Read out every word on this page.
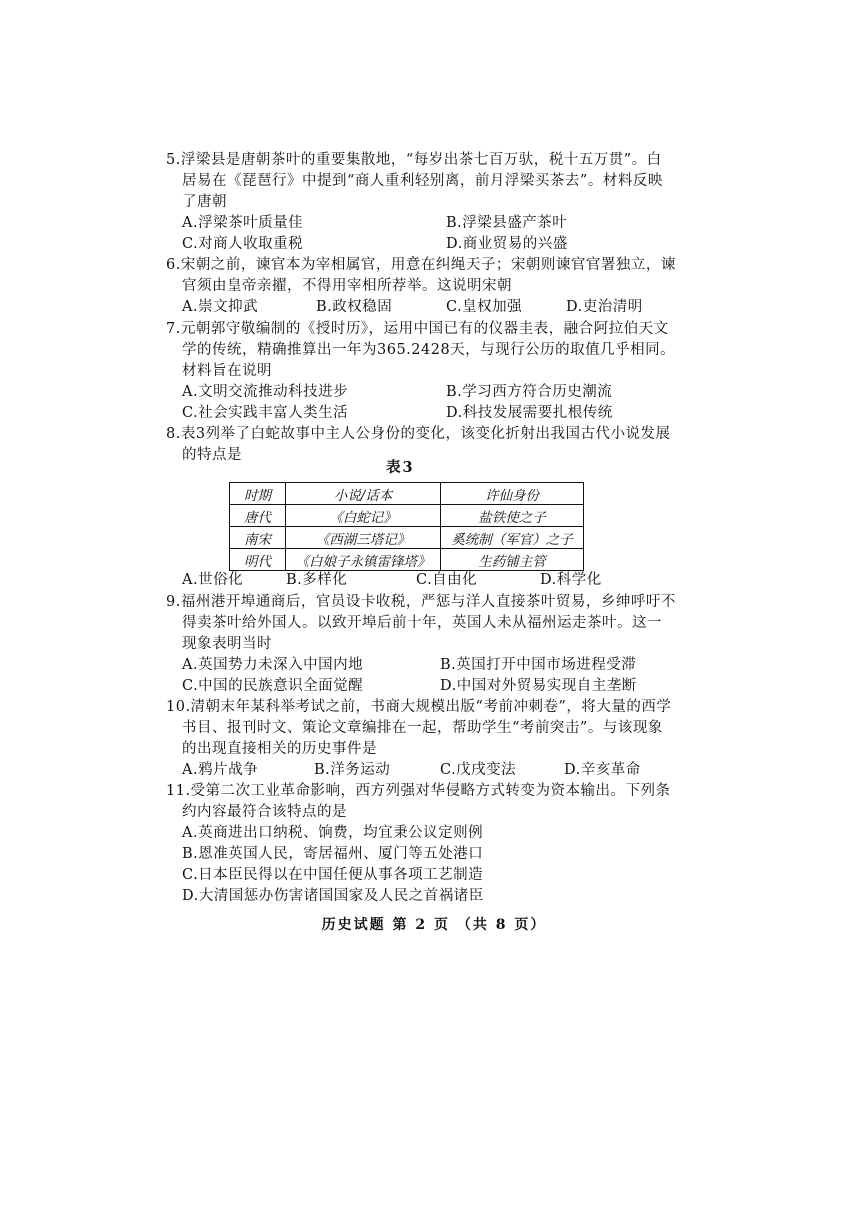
5.浮梁县是唐朝茶叶的重要集散地，“每岁出茶七百万驮，税十五万贯”。白居易在《琵琶行》中提到“商人重利轻别离，前月浮梁买茶去”。材料反映了唐朝
A.浮梁茶叶质量佳	B.浮梁县盛产茶叶
C.对商人收取重税	D.商业贸易的兴盛
6.宋朝之前，谏官本为宰相属官，用意在纠绳天子；宋朝则谏官官署独立，谏官须由皇帝亲擢，不得用宰相所荐举。这说明宋朝
A.崇文抑武	B.政权稳固	C.皇权加强	D.吏治清明
7.元朝郭守敬编制的《授时历》，运用中国已有的仪器圭表，融合阿拉伯天文学的传统，精确推算出一年为365.2428天，与现行公历的取值几乎相同。材料旨在说明
A.文明交流推动科技进步	B.学习西方符合历史潮流
C.社会实践丰富人类生活	D.科技发展需要扎根传统
8.表3列举了白蛇故事中主人公身份的变化，该变化折射出我国古代小说发展的特点是
表3
时期	小说/话本	许仙身份
唐代	《白蛇记》	盐铁使之子
南宋	《西湖三塔记》	奚统制（军官）之子
明代	《白娘子永镇雷锋塔》	生药铺主管
A.世俗化	B.多样化	C.自由化	D.科学化
9.福州港开埠通商后，官员设卡收税，严惩与洋人直接茶叶贸易，乡绅呼吁不得卖茶叶给外国人。以致开埠后前十年，英国人未从福州运走茶叶。这一现象表明当时
A.英国势力未深入中国内地	B.英国打开中国市场进程受滞
C.中国的民族意识全面觉醒	D.中国对外贸易实现自主垄断
10.清朝末年某科举考试之前，书商大规模出版“考前冲刺卷”，将大量的西学书目、报刊时文、策论文章编排在一起，帮助学生“考前突击”。与该现象的出现直接相关的历史事件是
A.鸦片战争	B.洋务运动	C.戊戌变法	D.辛亥革命
11.受第二次工业革命影响，西方列强对华侵略方式转变为资本输出。下列条约内容最符合该特点的是
A.英商进出口纳税、饷费，均宜秉公议定则例
B.恩准英国人民，寄居福州、厦门等五处港口
C.日本臣民得以在中国任便从事各项工艺制造
D.大清国惩办伤害诸国国家及人民之首祸诸臣
历史试题 第 2 页 （共 8 页）
